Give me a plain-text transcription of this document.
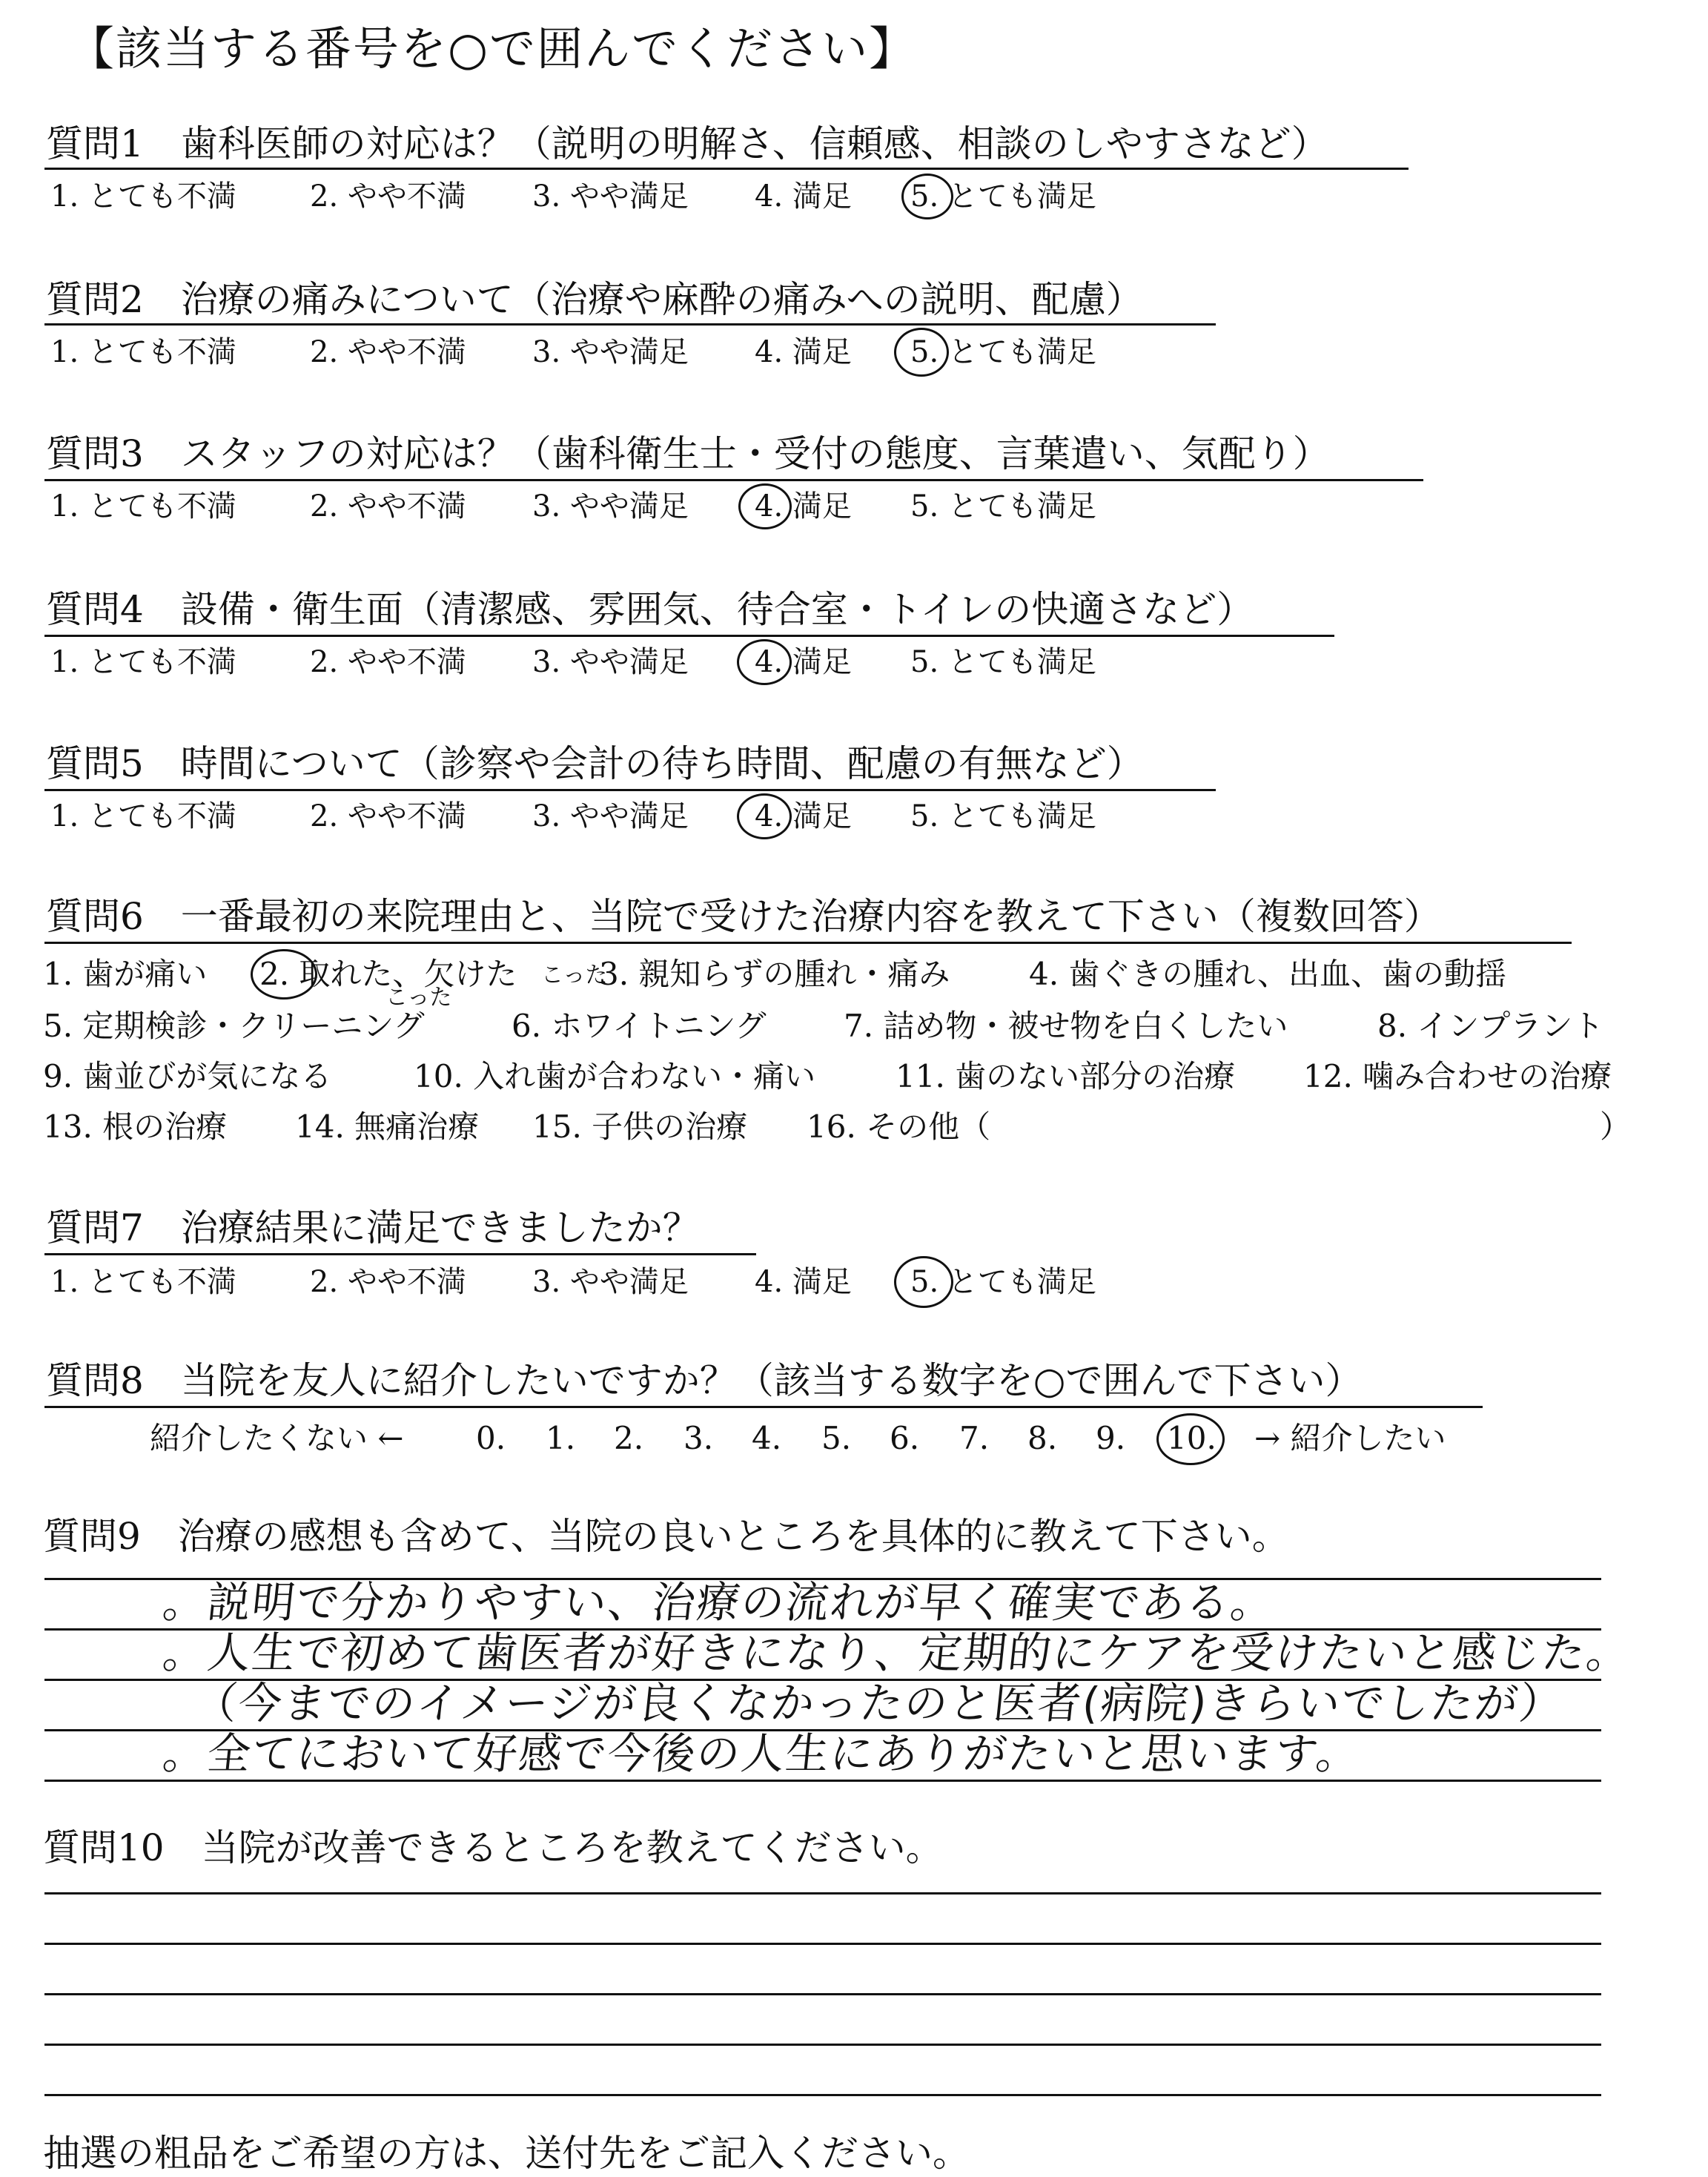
【該当する番号を○で囲んでください】
質問1　歯科医師の対応は？（説明の明解さ、信頼感、相談のしやすさなど）
1. とても不満 2. やや不満 3. やや満足 4. 満足 5. とても満足
質問2　治療の痛みについて（治療や麻酔の痛みへの説明、配慮）
1. とても不満 2. やや不満 3. やや満足 4. 満足 5. とても満足
質問3　スタッフの対応は？（歯科衛生士・受付の態度、言葉遣い、気配り）
1. とても不満 2. やや不満 3. やや満足 4. 満足 5. とても満足
質問4　設備・衛生面（清潔感、雰囲気、待合室・トイレの快適さなど）
1. とても不満 2. やや不満 3. やや満足 4. 満足 5. とても満足
質問5　時間について（診察や会計の待ち時間、配慮の有無など）
1. とても不満 2. やや不満 3. やや満足 4. 満足 5. とても満足
質問6　一番最初の来院理由と、当院で受けた治療内容を教えて下さい（複数回答）
1. 歯が痛い 2. 取れた、欠けた	3. 親知らずの腫れ・痛み	4. 歯ぐきの腫れ、出血、歯の動揺
こった
こった
5. 定期検診・クリーニング	6. ホワイトニング 7. 詰め物・被せ物を白くしたい	8. インプラント
9. 歯並びが気になる	10. 入れ歯が合わない・痛い	11. 歯のない部分の治療 12. 噛み合わせの治療
13. 根の治療 14. 無痛治療 15. 子供の治療 16. その他（	）
質問7　治療結果に満足できましたか？
1. とても不満 2. やや不満 3. やや満足 4. 満足 5. とても満足
質問8　当院を友人に紹介したいですか？（該当する数字を○で囲んで下さい）
紹介したくない ← 0. 1. 2. 3. 4. 5. 6. 7. 8. 9. 10. → 紹介したい
質問9　治療の感想も含めて、当院の良いところを具体的に教えて下さい。
。説明で分かりやすい、治療の流れが早く確実である。
。人生で初めて歯医者が好きになり、定期的にケアを受けたいと感じた。
（今までのイメージが良くなかったのと医者(病院)きらいでしたが）
。全てにおいて好感で今後の人生にありがたいと思います。
質問10　当院が改善できるところを教えてください。
抽選の粗品をご希望の方は、送付先をご記入ください。
